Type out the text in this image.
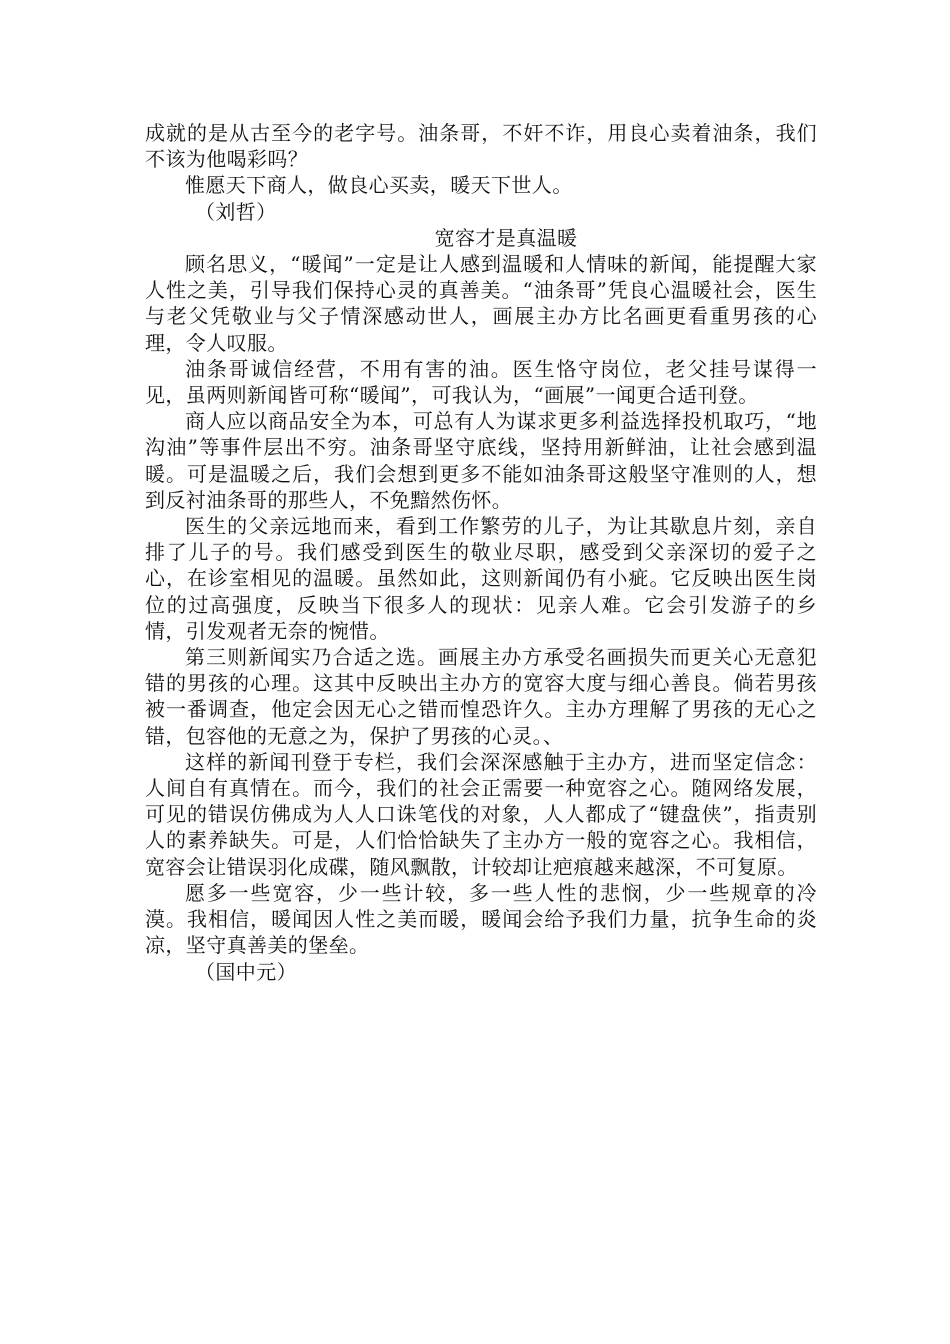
成就的是从古至今的老字号。油条哥，不奸不诈，用良心卖着油条，我们不该为他喝彩吗？

惟愿天下商人，做良心买卖，暖天下世人。

（刘哲）

宽容才是真温暖

顾名思义，“暖闻”一定是让人感到温暖和人情味的新闻，能提醒大家人性之美，引导我们保持心灵的真善美。“油条哥”凭良心温暖社会，医生与老父凭敬业与父子情深感动世人，画展主办方比名画更看重男孩的心理，令人叹服。

油条哥诚信经营，不用有害的油。医生恪守岗位，老父挂号谋得一见，虽两则新闻皆可称“暖闻”，可我认为，“画展”一闻更合适刊登。

商人应以商品安全为本，可总有人为谋求更多利益选择投机取巧，“地沟油”等事件层出不穷。油条哥坚守底线，坚持用新鲜油，让社会感到温暖。可是温暖之后，我们会想到更多不能如油条哥这般坚守准则的人，想到反衬油条哥的那些人，不免黯然伤怀。

医生的父亲远地而来，看到工作繁劳的儿子，为让其歇息片刻，亲自排了儿子的号。我们感受到医生的敬业尽职，感受到父亲深切的爱子之心，在诊室相见的温暖。虽然如此，这则新闻仍有小疵。它反映出医生岗位的过高强度，反映当下很多人的现状：见亲人难。它会引发游子的乡情，引发观者无奈的惋惜。

第三则新闻实乃合适之选。画展主办方承受名画损失而更关心无意犯错的男孩的心理。这其中反映出主办方的宽容大度与细心善良。倘若男孩被一番调查，他定会因无心之错而惶恐许久。主办方理解了男孩的无心之错，包容他的无意之为，保护了男孩的心灵。、

这样的新闻刊登于专栏，我们会深深感触于主办方，进而坚定信念：人间自有真情在。而今，我们的社会正需要一种宽容之心。随网络发展，可见的错误仿佛成为人人口诛笔伐的对象，人人都成了“键盘侠”，指责别人的素养缺失。可是，人们恰恰缺失了主办方一般的宽容之心。我相信，宽容会让错误羽化成碟，随风飘散，计较却让疤痕越来越深，不可复原。

愿多一些宽容，少一些计较，多一些人性的悲悯，少一些规章的冷漠。我相信，暖闻因人性之美而暖，暖闻会给予我们力量，抗争生命的炎凉，坚守真善美的堡垒。

（国中元）
